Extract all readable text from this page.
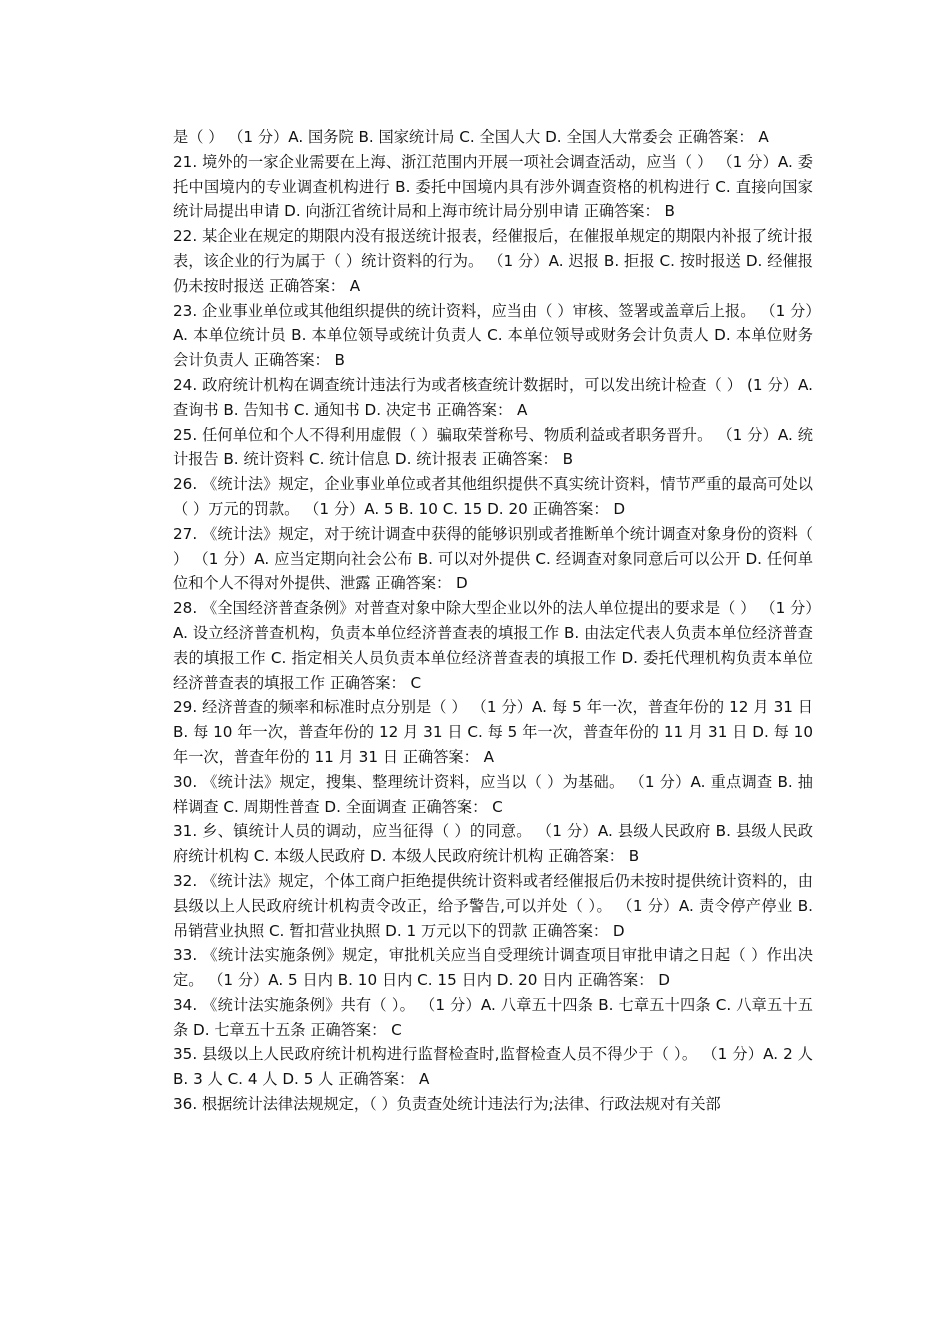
是（ ） （1 分）A. 国务院 B. 国家统计局 C. 全国人大 D. 全国人大常委会 正确答案： A

21. 境外的一家企业需要在上海、浙江范围内开展一项社会调查活动，应当（ ） （1 分）A. 委托中国境内的专业调查机构进行 B. 委托中国境内具有涉外调查资格的机构进行 C. 直接向国家统计局提出申请 D. 向浙江省统计局和上海市统计局分别申请 正确答案： B

22. 某企业在规定的期限内没有报送统计报表，经催报后，在催报单规定的期限内补报了统计报表，该企业的行为属于（ ）统计资料的行为。 （1 分）A. 迟报 B. 拒报 C. 按时报送 D. 经催报仍未按时报送 正确答案： A

23. 企业事业单位或其他组织提供的统计资料，应当由（ ）审核、签署或盖章后上报。 （1 分）A. 本单位统计员 B. 本单位领导或统计负责人 C. 本单位领导或财务会计负责人 D. 本单位财务会计负责人 正确答案： B

24. 政府统计机构在调查统计违法行为或者核查统计数据时，可以发出统计检查（ ） (1 分）A. 查询书 B. 告知书 C. 通知书 D. 决定书 正确答案： A

25. 任何单位和个人不得利用虚假（ ）骗取荣誉称号、物质利益或者职务晋升。 （1 分）A. 统计报告 B. 统计资料 C. 统计信息 D. 统计报表 正确答案： B

26. 《统计法》规定，企业事业单位或者其他组织提供不真实统计资料，情节严重的最高可处以（ ）万元的罚款。 （1 分）A. 5 B. 10 C. 15 D. 20 正确答案： D

27. 《统计法》规定，对于统计调查中获得的能够识别或者推断单个统计调查对象身份的资料（ ） （1 分）A. 应当定期向社会公布 B. 可以对外提供 C. 经调查对象同意后可以公开 D. 任何单位和个人不得对外提供、泄露 正确答案： D

28. 《全国经济普查条例》对普查对象中除大型企业以外的法人单位提出的要求是（ ） （1 分）A. 设立经济普查机构，负责本单位经济普查表的填报工作 B. 由法定代表人负责本单位经济普查表的填报工作 C. 指定相关人员负责本单位经济普查表的填报工作 D. 委托代理机构负责本单位经济普查表的填报工作 正确答案： C

29. 经济普查的频率和标准时点分别是（ ） （1 分）A. 每 5 年一次，普查年份的 12 月 31 日 B. 每 10 年一次，普查年份的 12 月 31 日 C. 每 5 年一次，普查年份的 11 月 31 日 D. 每 10 年一次，普查年份的 11 月 31 日 正确答案： A

30. 《统计法》规定，搜集、整理统计资料，应当以（ ）为基础。 （1 分）A. 重点调查 B. 抽样调查 C. 周期性普查 D. 全面调查 正确答案： C

31. 乡、镇统计人员的调动，应当征得（ ）的同意。 （1 分）A. 县级人民政府 B. 县级人民政府统计机构 C. 本级人民政府 D. 本级人民政府统计机构 正确答案： B

32. 《统计法》规定，个体工商户拒绝提供统计资料或者经催报后仍未按时提供统计资料的，由县级以上人民政府统计机构责令改正，给予警告,可以并处（ ）。 （1 分）A. 责令停产停业 B. 吊销营业执照 C. 暂扣营业执照 D. 1 万元以下的罚款 正确答案： D

33. 《统计法实施条例》规定，审批机关应当自受理统计调查项目审批申请之日起（ ）作出决定。 （1 分）A. 5 日内 B. 10 日内 C. 15 日内 D. 20 日内 正确答案： D

34. 《统计法实施条例》共有（ ）。 （1 分）A. 八章五十四条 B. 七章五十四条 C. 八章五十五条 D. 七章五十五条 正确答案： C

35. 县级以上人民政府统计机构进行监督检查时,监督检查人员不得少于（ ）。 （1 分）A. 2 人 B. 3 人 C. 4 人 D. 5 人 正确答案： A

36. 根据统计法律法规规定，（ ）负责查处统计违法行为;法律、行政法规对有关部
